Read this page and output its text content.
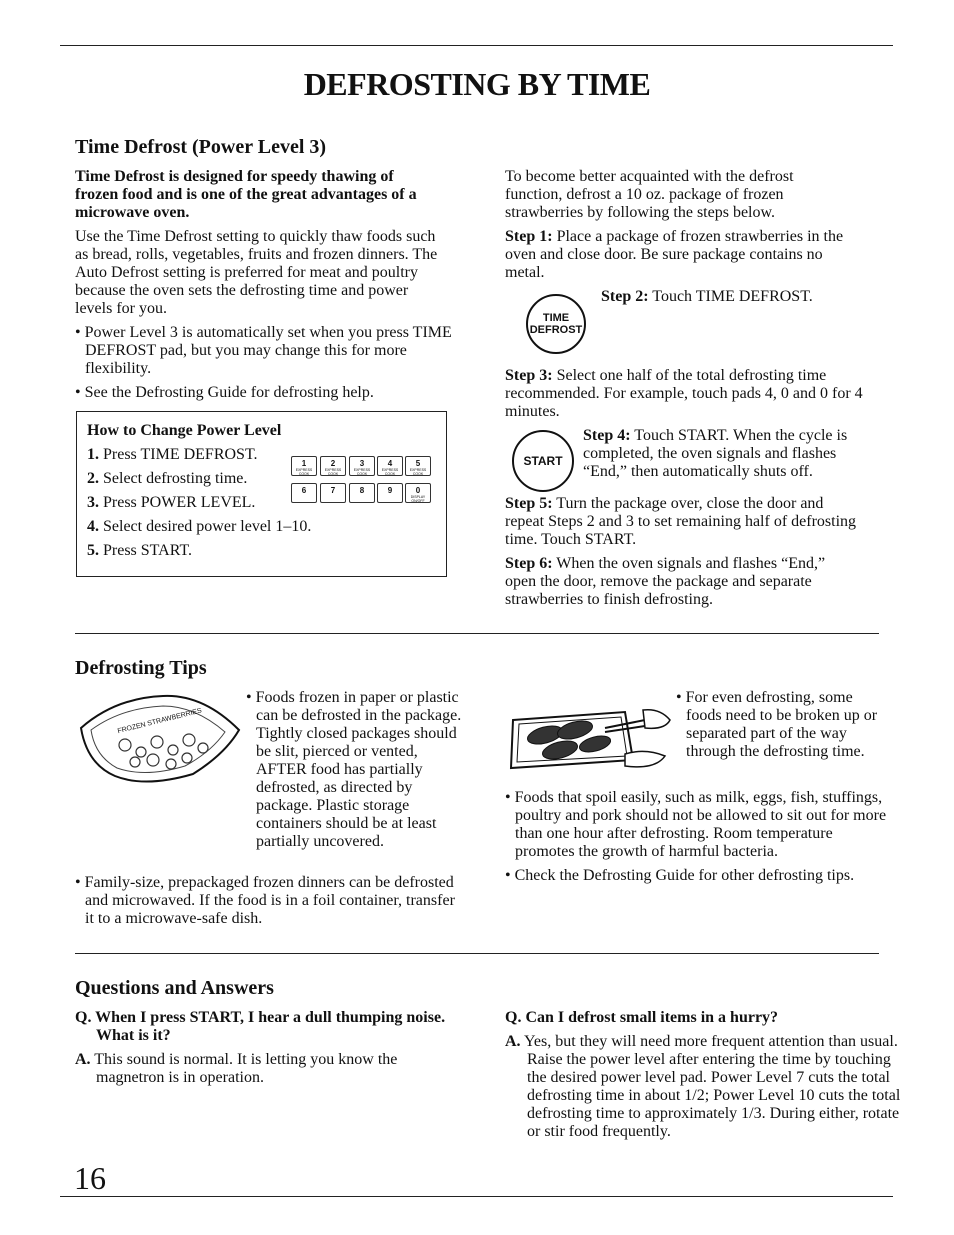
DEFROSTING BY TIME
Time Defrost (Power Level 3)

Time Defrost is designed for speedy thawing of frozen food and is one of the great advantages of a microwave oven.

Use the Time Defrost setting to quickly thaw foods such as bread, rolls, vegetables, fruits and frozen dinners. The Auto Defrost setting is preferred for meat and poultry because the oven sets the defrosting time and power levels for you.

• Power Level 3 is automatically set when you press TIME DEFROST pad, but you may change this for more flexibility.

• See the Defrosting Guide for defrosting help.

How to Change Power Level
1. Press TIME DEFROST.
2. Select defrosting time.
3. Press POWER LEVEL.
4. Select desired power level 1–10.
5. Press START.
1
EXPRESS COOK
2
EXPRESS COOK
3
EXPRESS COOK
4
EXPRESS COOK
5
EXPRESS COOK
6	7	8	9	0
DISPLAY ON/OFF

To become better acquainted with the defrost function, defrost a 10 oz. package of frozen strawberries by following the steps below.

Step 1: Place a package of frozen strawberries in the oven and close door. Be sure package contains no metal.

TIME
DEFROST

Step 2: Touch TIME DEFROST.

Step 3: Select one half of the total defrosting time recommended. For example, touch pads 4, 0 and 0 for 4 minutes.

START

Step 4: Touch START. When the cycle is completed, the oven signals and flashes “End,” then automatically shuts off.

Step 5: Turn the package over, close the door and repeat Steps 2 and 3 to set remaining half of defrosting time. Touch START.

Step 6: When the oven signals and flashes “End,” open the door, remove the package and separate strawberries to finish defrosting.

Defrosting Tips
FROZEN STRAWBERRIES

• Foods frozen in paper or plastic can be defrosted in the package. Tightly closed packages should be slit, pierced or vented, AFTER food has partially defrosted, as directed by package. Plastic storage containers should be at least partially uncovered.

• Family-size, prepackaged frozen dinners can be defrosted and microwaved. If the food is in a foil container, transfer it to a microwave-safe dish.

• For even defrosting, some foods need to be broken up or separated part of the way through the defrosting time.

• Foods that spoil easily, such as milk, eggs, fish, stuffings, poultry and pork should not be allowed to sit out for more than one hour after defrosting. Room temperature promotes the growth of harmful bacteria.

• Check the Defrosting Guide for other defrosting tips.

Questions and Answers

Q. When I press START, I hear a dull thumping noise. What is it?

A. This sound is normal. It is letting you know the magnetron is in operation.

Q. Can I defrost small items in a hurry?

A. Yes, but they will need more frequent attention than usual. Raise the power level after entering the time by touching the desired power level pad. Power Level 7 cuts the total defrosting time in about 1/2; Power Level 10 cuts the total defrosting time to approximately 1/3. During either, rotate or stir food frequently.

16
